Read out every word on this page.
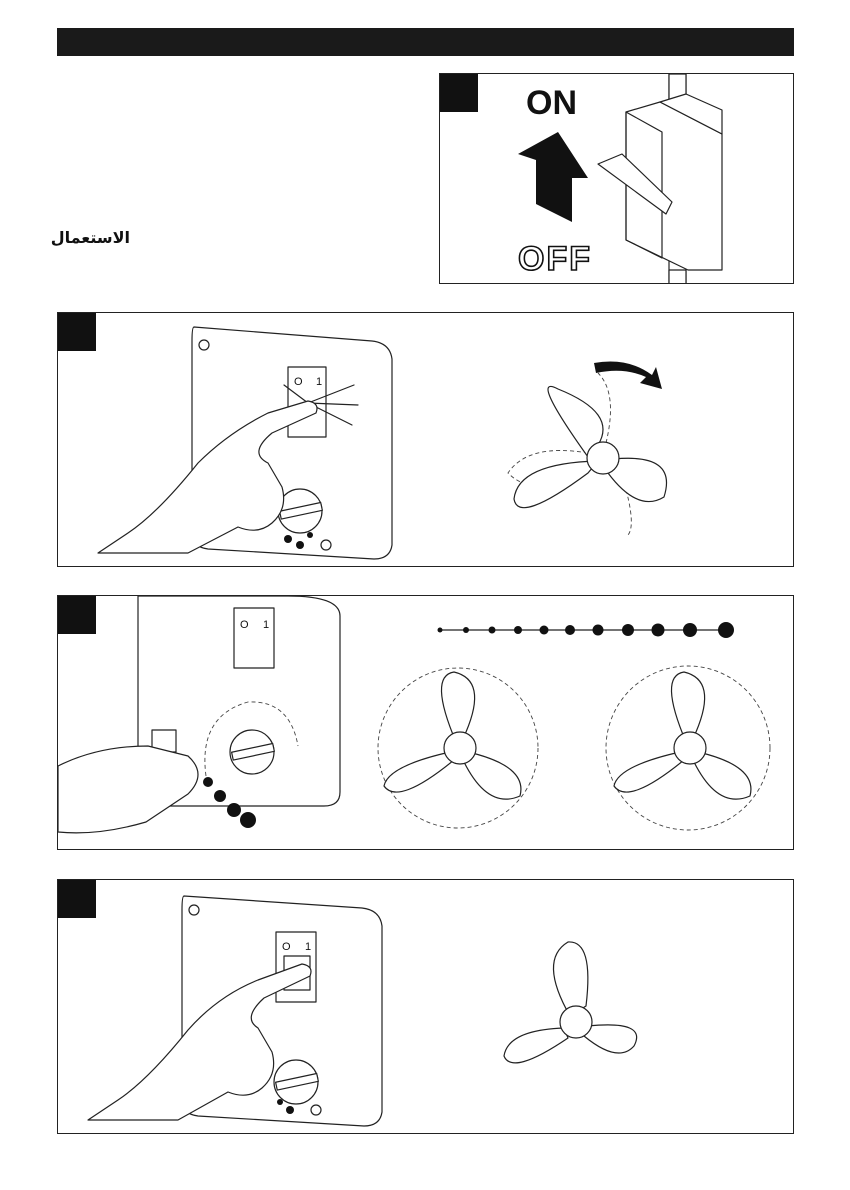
الاستعمال
ON
OFF
O 1
O 1
O 1
